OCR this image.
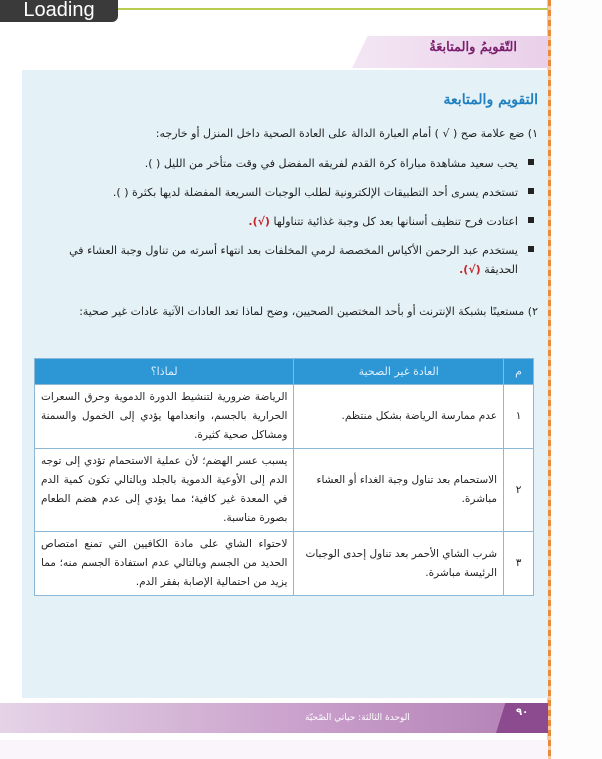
التّقويمُ والمتابعَةُ
التقويم والمتابعة
١) ضع علامة صح ( √ ) أمام العبارة الدالة على العادة الصحية داخل المنزل أو خارجه:
يحب سعيد مشاهدة مباراة كرة القدم لفريقه المفضل في وقت متأخر من الليل ( ).
تستخدم يسرى أحد التطبيقات الإلكترونية لطلب الوجبات السريعة المفضلة لديها بكثرة ( ).
اعتادت فرح تنظيف أسنانها بعد كل وجبة غذائية تتناولها (√).
يستخدم عبد الرحمن الأكياس المخصصة لرمي المخلفات بعد انتهاء أسرته من تناول وجبة العشاء في الحديقة (√).
٢) مستعينًا بشبكة الإنترنت أو بأحد المختصين الصحيين، وضح لماذا تعد العادات الآتية عادات غير صحية:
م	العادة غير الصحية	لماذا؟
١	عدم ممارسة الرياضة بشكل منتظم.	الرياضة ضرورية لتنشيط الدورة الدموية وحرق السعرات الحرارية بالجسم، وانعدامها يؤدي إلى الخمول والسمنة ومشاكل صحية كثيرة.
٢	الاستحمام بعد تناول وجبة الغداء أو العشاء مباشرة.	يسبب عسر الهضم؛ لأن عملية الاستحمام تؤدي إلى توجه الدم إلى الأوعية الدموية بالجلد وبالتالي تكون كمية الدم في المعدة غير كافية؛ مما يؤدي إلى عدم هضم الطعام بصورة مناسبة.
٣	شرب الشاي الأحمر بعد تناول إحدى الوجبات الرئيسة مباشرة.	لاحتواء الشاي على مادة الكافيين التي تمنع امتصاص الحديد من الجسم وبالتالي عدم استفادة الجسم منه؛ مما يزيد من احتمالية الإصابة بفقر الدم.
الوحدة الثالثة: حياتي الصّحيّة	٩٠
Loading
